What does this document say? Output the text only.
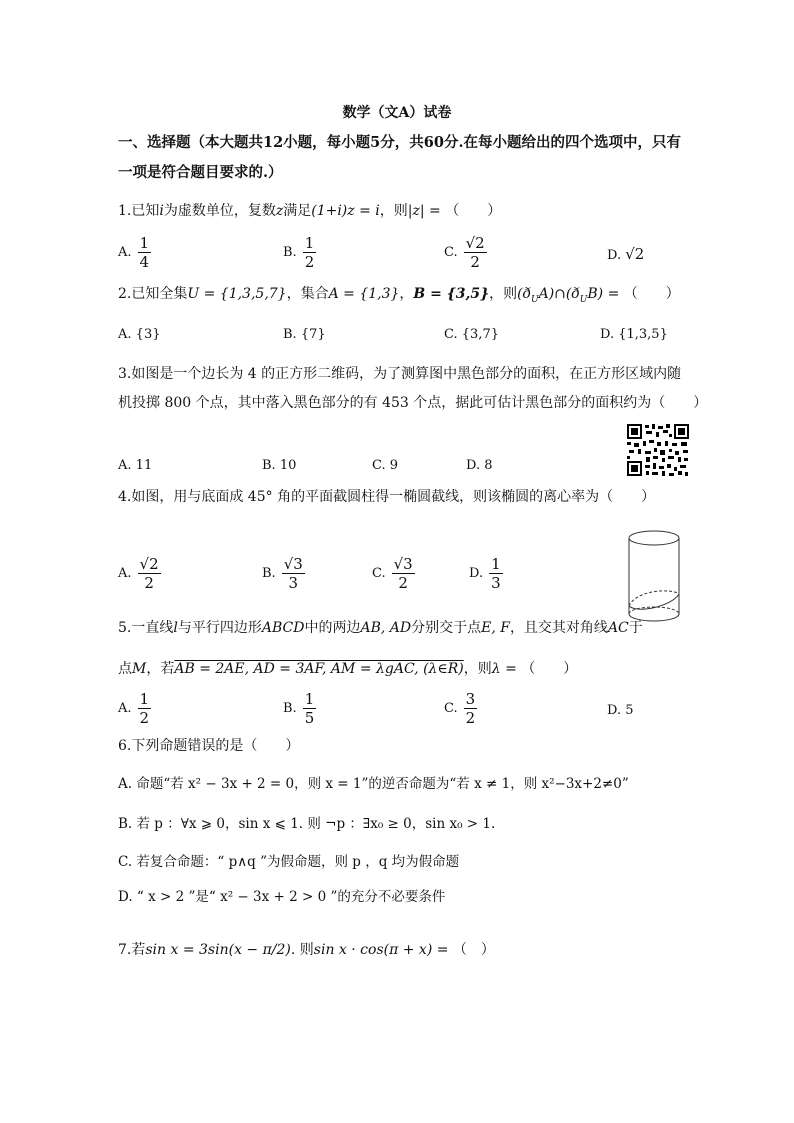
数学（文A）试卷
一、选择题（本大题共12小题，每小题5分，共60分.在每小题给出的四个选项中，只有
一项是符合题目要求的.）
1.已知i为虚数单位，复数z满足(1+i)z = i，则|z| = （　　）
A. $\frac{1}{4}$	B. $\frac{1}{2}$	C. $\frac{√2}{2}$	D. √2
2.已知全集U = {1,3,5,7}，集合A = {1,3}，B = {3,5}，则$(ð_UA)\cap(ð_UB)$ = （　　）
A. {3}	B. {7}	C. {3,7}	D. {1,3,5}
3.如图是一个边长为 4 的正方形二维码，为了测算图中黑色部分的面积，在正方形区域内随
机投掷 800 个点，其中落入黑色部分的有 453 个点，据此可估计黑色部分的面积约为（　　）
A. 11	B. 10	C. 9	D. 8
4.如图，用与底面成 45° 角的平面截圆柱得一椭圆截线，则该椭圆的离心率为（　　）
A. $\frac{√2}{2}$	B. $\frac{√3}{3}$	C. $\frac{√3}{2}$	D. $\frac{1}{3}$
5.一直线l与平行四边形ABCD中的两边AB, AD分别交于点E, F，且交其对角线AC于
点M，若AB = 2AE, AD = 3AF, AM = λgAC, (λ∈R)，则λ = （　　）
A. $\frac{1}{2}$	B. $\frac{1}{5}$	C. $\frac{3}{2}$	D. 5
6.下列命题错误的是（　　）
A. 命题“若 x² − 3x + 2 = 0，则 x = 1”的逆否命题为“若 x ≠ 1，则 x²−3x+2≠0”
B. 若 p ：∀x ⩾ 0，sin x ⩽ 1. 则 ¬p ：∃x₀ ≥ 0，sin x₀ > 1.
C. 若复合命题：“ p∧q ”为假命题，则 p ，q 均为假命题
D. “ x > 2 ”是“ x² − 3x + 2 > 0 ”的充分不必要条件
7.若sin x = 3sin(x − π/2). 则sin x · cos(π + x) = （　）
